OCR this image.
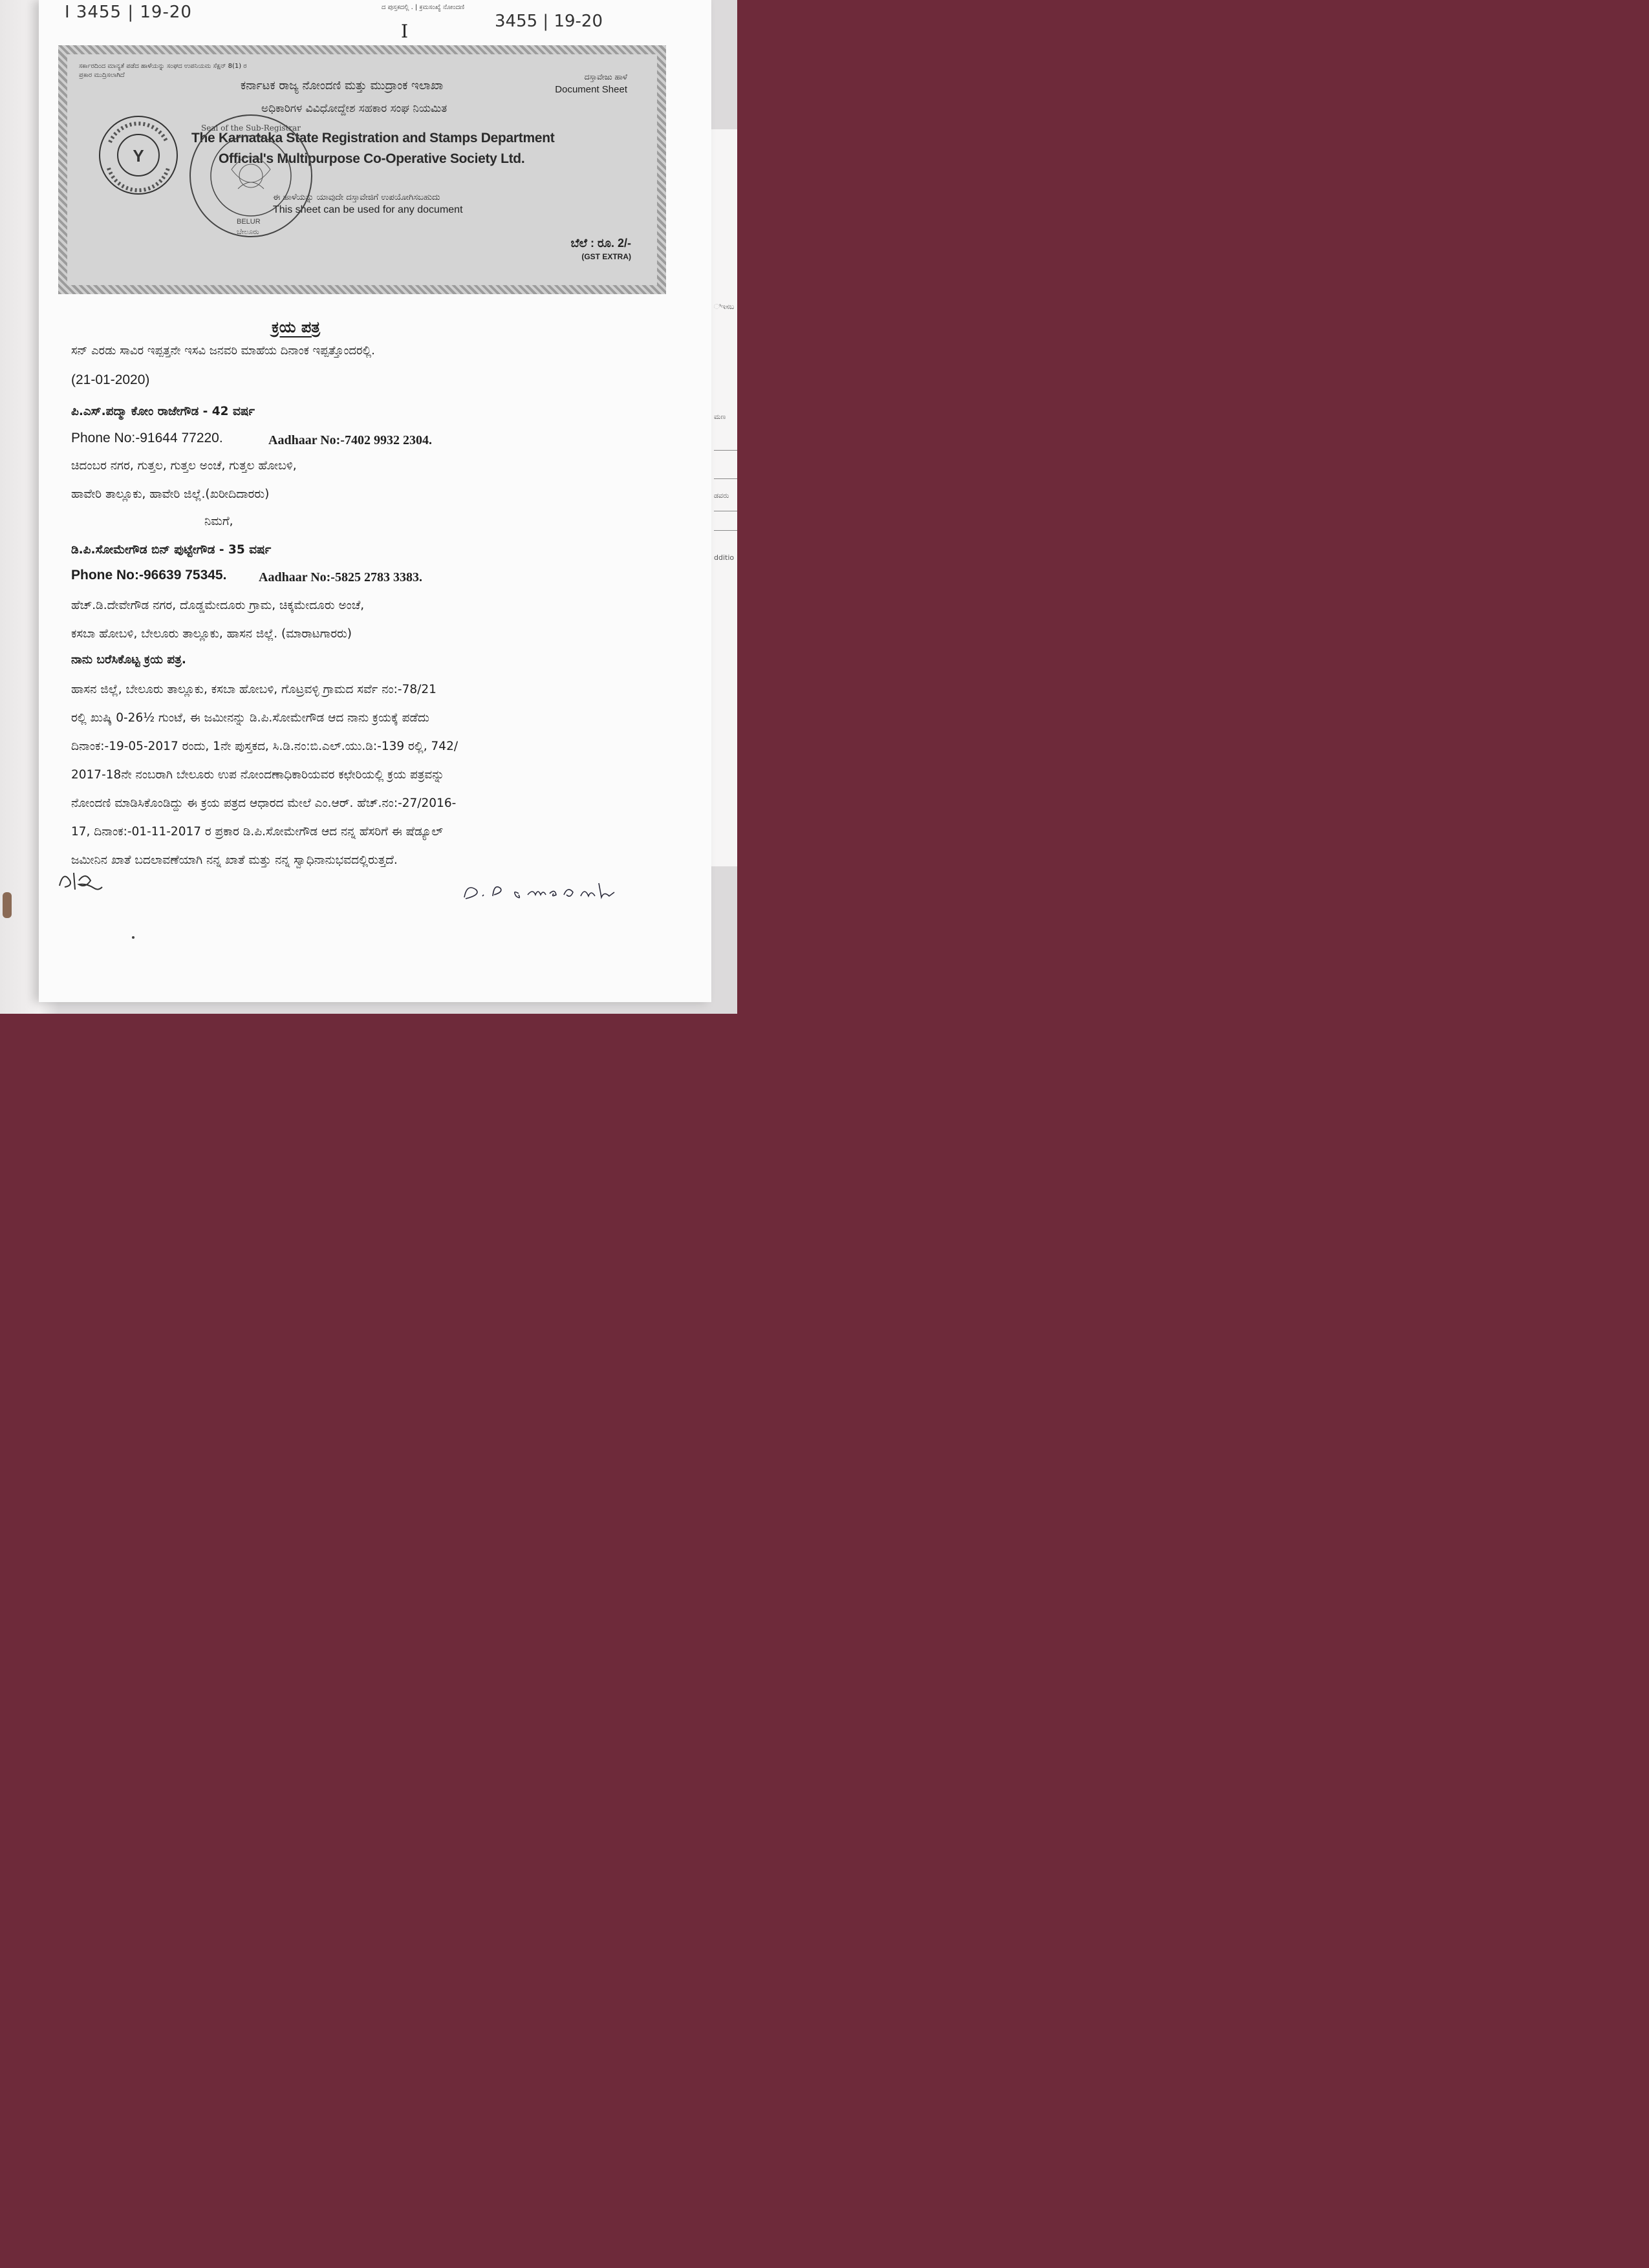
ಿಇಸಬ
ಮಣ
ಡವರು
dditio
I 3455 | 19-20	ದ ಪುಸ್ತಕದಲ್ಲಿ . | ಕ್ರಮಸಂಖ್ಯೆ ನೋಂದಣಿ
I	3455 | 19-20
ಸರ್ಕಾರದಿಂದ ಮಾನ್ಯತೆ ಪಡೆದ ಹಾಳೆಯನ್ನು ಸಂಘದ ಉಪನಿಯಮ ಸೆಕ್ಷನ್ 8(1) ರ ಪ್ರಕಾರ ಮುದ್ರಿಸಲಾಗಿದೆ
ಕರ್ನಾಟಕ ರಾಜ್ಯ ನೋಂದಣಿ ಮತ್ತು ಮುದ್ರಾಂಕ ಇಲಾಖಾ
ಅಧಿಕಾರಿಗಳ ವಿವಿಧೋದ್ದೇಶ ಸಹಕಾರ ಸಂಘ ನಿಯಮಿತ
The Karnataka State Registration and Stamps Department
Official's Multipurpose Co-Operative Society Ltd.
ದಸ್ತಾವೇಜು ಹಾಳೆ
Document Sheet
ಈ ಹಾಳೆಯನ್ನು ಯಾವುದೇ ದಸ್ತಾವೇಜಿಗೆ ಉಪಯೋಗಿಸಬಹುದು
This sheet can be used for any document
ಬೆಲೆ : ರೂ. 2/-
(GST EXTRA)
Y
Seal of the Sub-Registrar
BELUR
ಬೇಲೂರು
ಕ್ರಯ ಪತ್ರ
ಸನ್ ಎರಡು ಸಾವಿರ ಇಪ್ಪತ್ತನೇ ಇಸವಿ ಜನವರಿ ಮಾಹೆಯ ದಿನಾಂಕ ಇಪ್ಪತ್ತೊಂದರಲ್ಲಿ.
(21-01-2020)
ಪಿ.ಎಸ್.ಪದ್ಮಾ ಕೋಂ ರಾಜೇಗೌಡ - 42 ವರ್ಷ
Phone No:-91644 77220.	Aadhaar No:-7402 9932 2304.
ಚಿದಂಬರ ನಗರ, ಗುತ್ತಲ, ಗುತ್ತಲ ಅಂಚೆ, ಗುತ್ತಲ ಹೋಬಳಿ,
ಹಾವೇರಿ ತಾಲ್ಲೂಕು, ಹಾವೇರಿ ಜಿಲ್ಲೆ.(ಖರೀದಿದಾರರು)
ನಿಮಗೆ,
ಡಿ.ಪಿ.ಸೋಮೇಗೌಡ ಬಿನ್ ಪುಟ್ಟೇಗೌಡ - 35 ವರ್ಷ
Phone No:-96639 75345. Aadhaar No:-5825 2783 3383.
ಹೆಚ್.ಡಿ.ದೇವೇಗೌಡ ನಗರ, ದೊಡ್ಡಮೇದೂರು ಗ್ರಾಮ, ಚಿಕ್ಕಮೇದೂರು ಅಂಚೆ,
ಕಸಬಾ ಹೋಬಳಿ, ಬೇಲೂರು ತಾಲ್ಲೂಕು, ಹಾಸನ ಜಿಲ್ಲೆ. (ಮಾರಾಟಗಾರರು)
ನಾನು ಬರೆಸಿಕೊಟ್ಟ ಕ್ರಯ ಪತ್ರ.
ಹಾಸನ ಜಿಲ್ಲೆ, ಬೇಲೂರು ತಾಲ್ಲೂಕು, ಕಸಬಾ ಹೋಬಳಿ, ಗೊಟ್ರವಳ್ಳಿ ಗ್ರಾಮದ ಸರ್ವೆ ನಂ:-78/21
ರಲ್ಲಿ ಖುಷ್ಕಿ 0-26½ ಗುಂಟೆ, ಈ ಜಮೀನನ್ನು ಡಿ.ಪಿ.ಸೋಮೇಗೌಡ ಆದ ನಾನು ಕ್ರಯಕ್ಕೆ ಪಡೆದು
ದಿನಾಂಕ:-19-05-2017 ರಂದು, 1ನೇ ಪುಸ್ತಕದ, ಸಿ.ಡಿ.ನಂ:ಬಿ.ಎಲ್.ಯು.ಡಿ:-139 ರಲ್ಲಿ, 742/
2017-18ನೇ ನಂಬರಾಗಿ ಬೇಲೂರು ಉಪ ನೋಂದಣಾಧಿಕಾರಿಯವರ ಕಛೇರಿಯಲ್ಲಿ ಕ್ರಯ ಪತ್ರವನ್ನು
ನೋಂದಣಿ ಮಾಡಿಸಿಕೊಂಡಿದ್ದು ಈ ಕ್ರಯ ಪತ್ರದ ಆಧಾರದ ಮೇಲೆ ಎಂ.ಆರ್. ಹೆಚ್.ನಂ:-27/2016-
17, ದಿನಾಂಕ:-01-11-2017 ರ ಪ್ರಕಾರ ಡಿ.ಪಿ.ಸೋಮೇಗೌಡ ಆದ ನನ್ನ ಹೆಸರಿಗೆ ಈ ಷೆಡ್ಯೂಲ್
ಜಮೀನಿನ ಖಾತೆ ಬದಲಾವಣೆಯಾಗಿ ನನ್ನ ಖಾತೆ ಮತ್ತು ನನ್ನ ಸ್ವಾಧಿನಾನುಭವದಲ್ಲಿರುತ್ತದೆ.
